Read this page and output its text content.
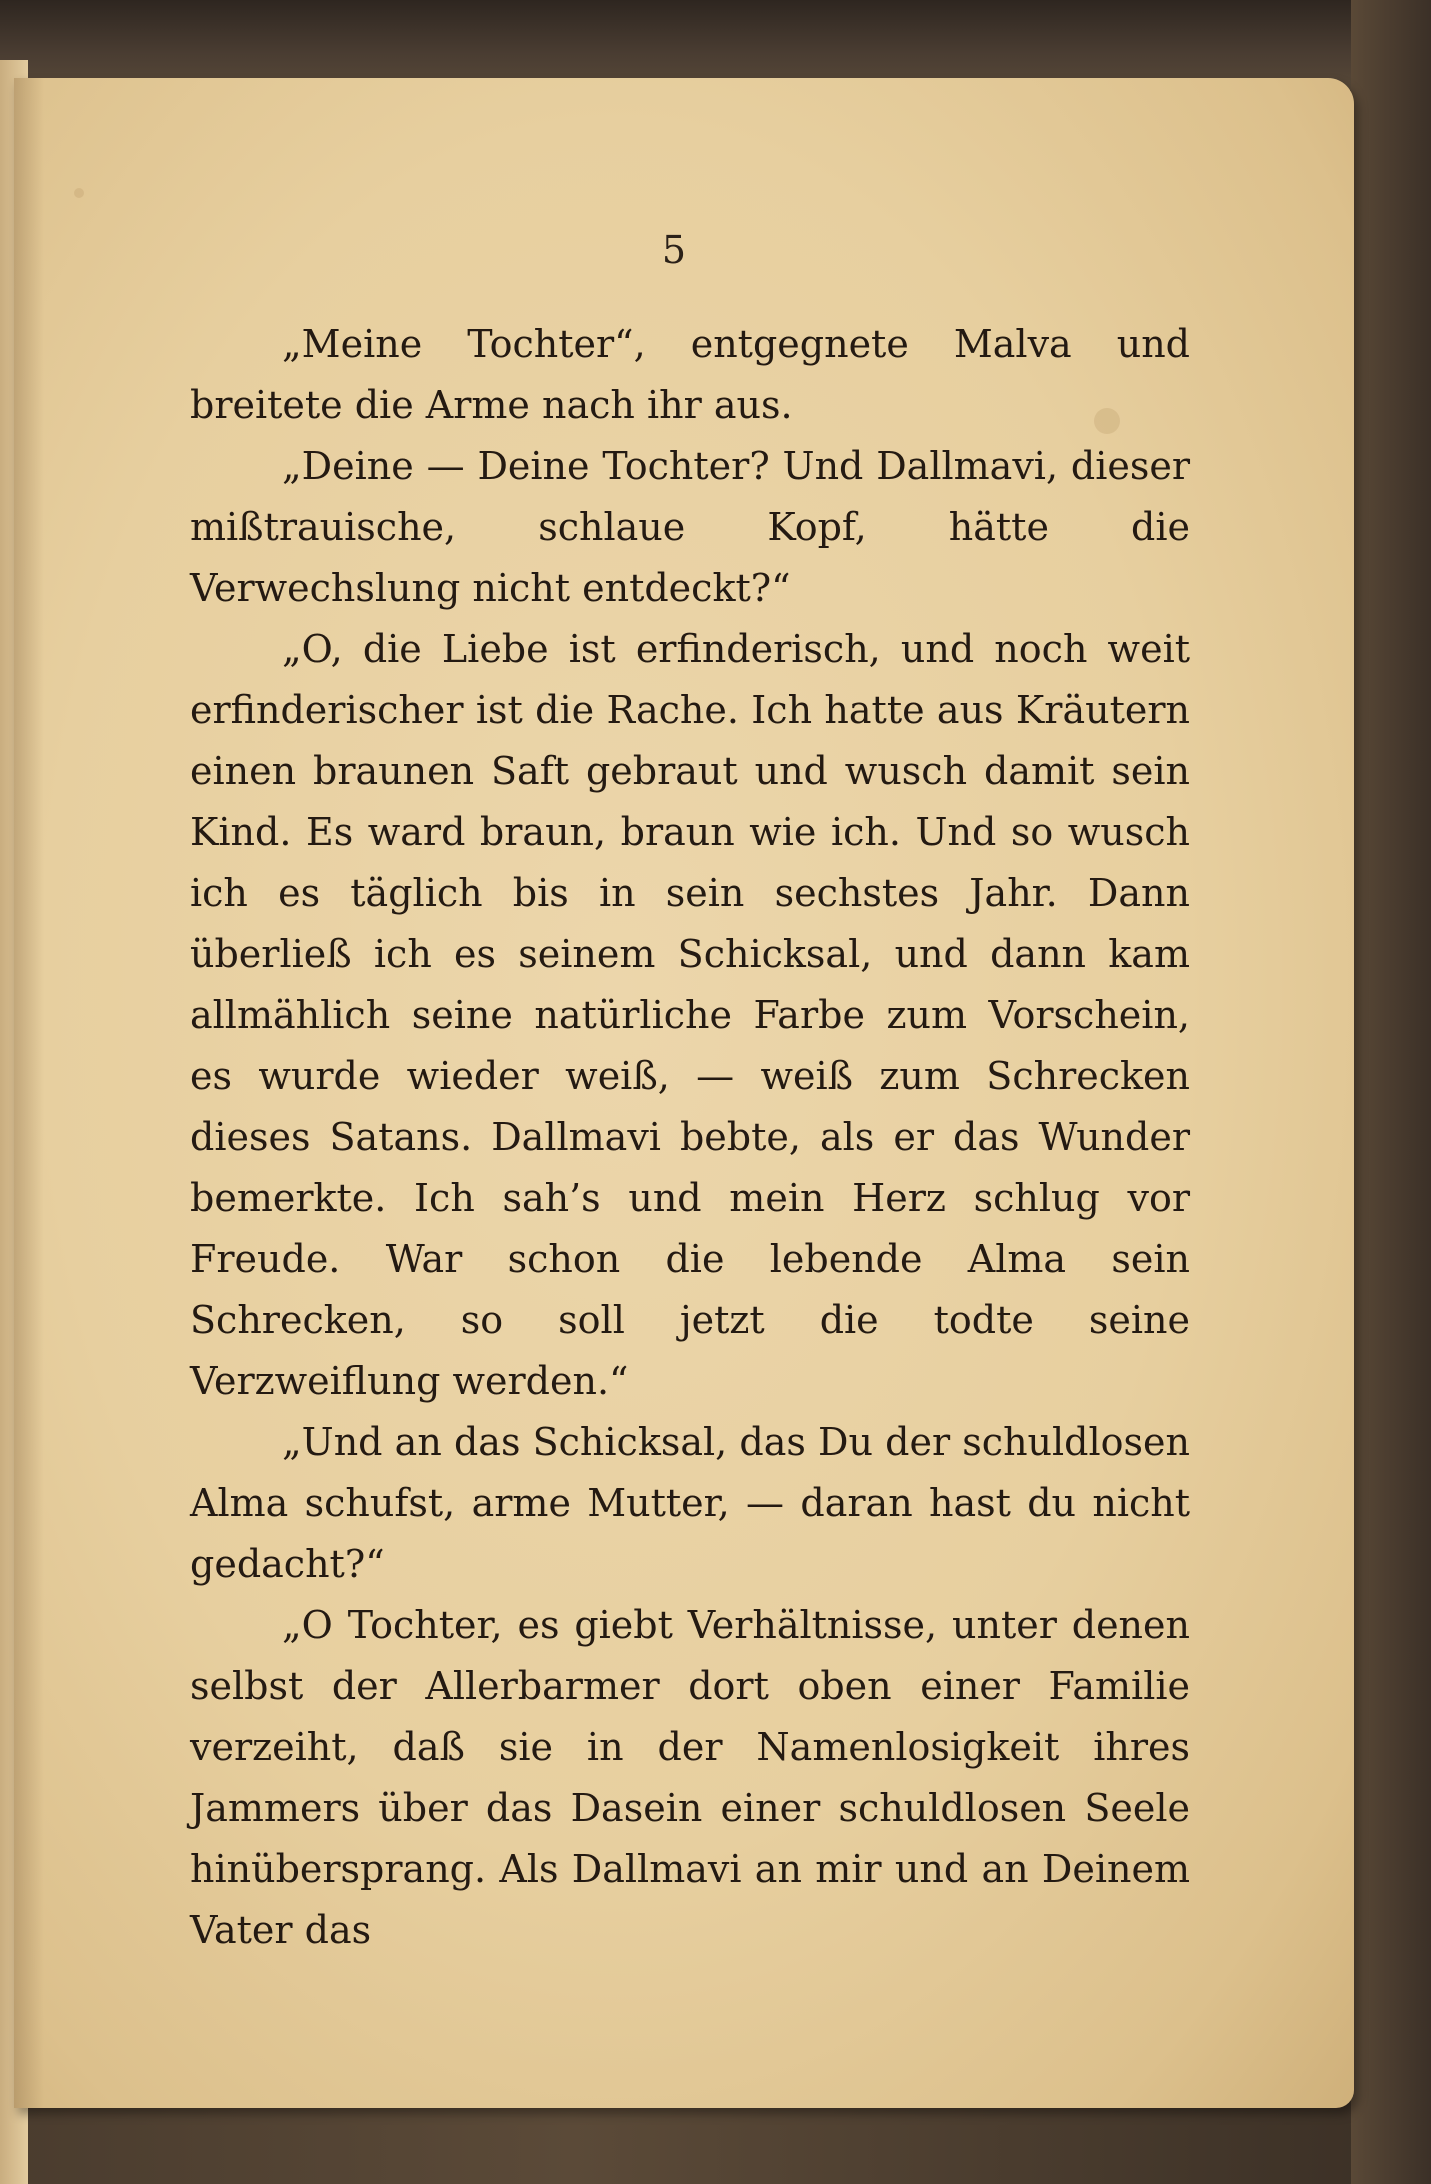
5

„Meine Tochter“, entgegnete Malva und breitete die Arme nach ihr aus.

„Deine — Deine Tochter? Und Dallmavi, dieser mißtrauische, schlaue Kopf, hätte die Verwechslung nicht entdeckt?“

„O, die Liebe ist erfinderisch, und noch weit erfinderischer ist die Rache. Ich hatte aus Kräutern einen braunen Saft gebraut und wusch damit sein Kind. Es ward braun, braun wie ich. Und so wusch ich es täglich bis in sein sechstes Jahr. Dann überließ ich es seinem Schicksal, und dann kam allmählich seine natürliche Farbe zum Vorschein, es wurde wieder weiß, — weiß zum Schrecken dieses Satans. Dallmavi bebte, als er das Wunder bemerkte. Ich sah’s und mein Herz schlug vor Freude. War schon die lebende Alma sein Schrecken, so soll jetzt die todte seine Verzweiflung werden.“

„Und an das Schicksal, das Du der schuldlosen Alma schufst, arme Mutter, — daran hast du nicht gedacht?“

„O Tochter, es giebt Verhältnisse, unter denen selbst der Allerbarmer dort oben einer Familie verzeiht, daß sie in der Namenlosigkeit ihres Jammers über das Dasein einer schuldlosen Seele hinübersprang. Als Dallmavi an mir und an Deinem Vater das
